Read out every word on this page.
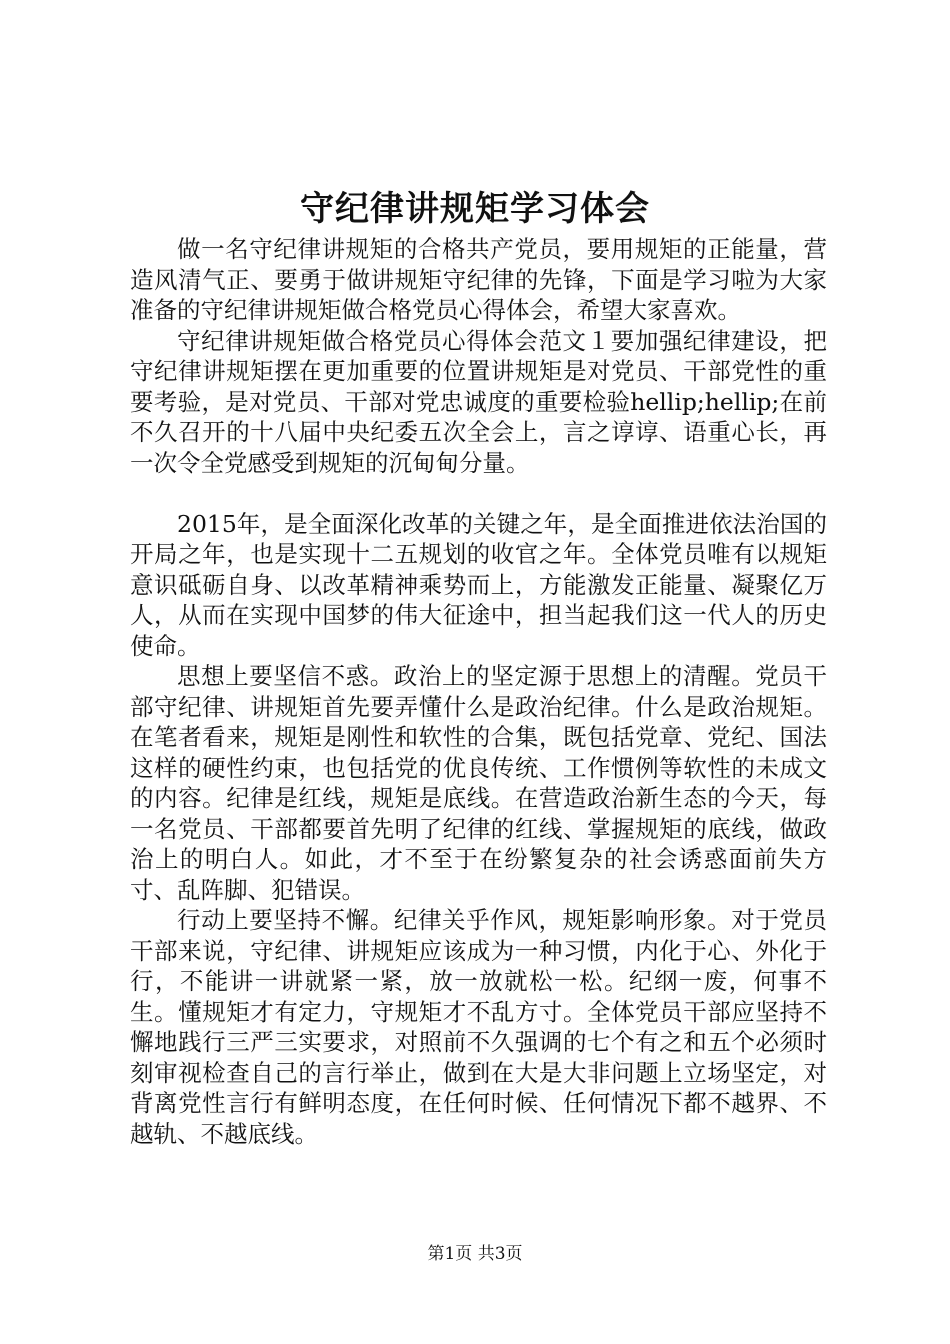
守纪律讲规矩学习体会

做一名守纪律讲规矩的合格共产党员，要用规矩的正能量，营造风清气正、要勇于做讲规矩守纪律的先锋，下面是学习啦为大家准备的守纪律讲规矩做合格党员心得体会，希望大家喜欢。

守纪律讲规矩做合格党员心得体会范文１要加强纪律建设，把守纪律讲规矩摆在更加重要的位置讲规矩是对党员、干部党性的重要考验，是对党员、干部对党忠诚度的重要检验hellip;hellip;在前不久召开的十八届中央纪委五次全会上，言之谆谆、语重心长，再一次令全党感受到规矩的沉甸甸分量。

2015年，是全面深化改革的关键之年，是全面推进依法治国的开局之年，也是实现十二五规划的收官之年。全体党员唯有以规矩意识砥砺自身、以改革精神乘势而上，方能激发正能量、凝聚亿万人，从而在实现中国梦的伟大征途中，担当起我们这一代人的历史使命。

思想上要坚信不惑。政治上的坚定源于思想上的清醒。党员干部守纪律、讲规矩首先要弄懂什么是政治纪律。什么是政治规矩。在笔者看来，规矩是刚性和软性的合集，既包括党章、党纪、国法这样的硬性约束，也包括党的优良传统、工作惯例等软性的未成文的内容。纪律是红线，规矩是底线。在营造政治新生态的今天，每一名党员、干部都要首先明了纪律的红线、掌握规矩的底线，做政治上的明白人。如此，才不至于在纷繁复杂的社会诱惑面前失方寸、乱阵脚、犯错误。

行动上要坚持不懈。纪律关乎作风，规矩影响形象。对于党员干部来说，守纪律、讲规矩应该成为一种习惯，内化于心、外化于行，不能讲一讲就紧一紧，放一放就松一松。纪纲一废，何事不生。懂规矩才有定力，守规矩才不乱方寸。全体党员干部应坚持不懈地践行三严三实要求，对照前不久强调的七个有之和五个必须时刻审视检查自己的言行举止，做到在大是大非问题上立场坚定，对背离党性言行有鲜明态度，在任何时候、任何情况下都不越界、不越轨、不越底线。

第1页 共3页
